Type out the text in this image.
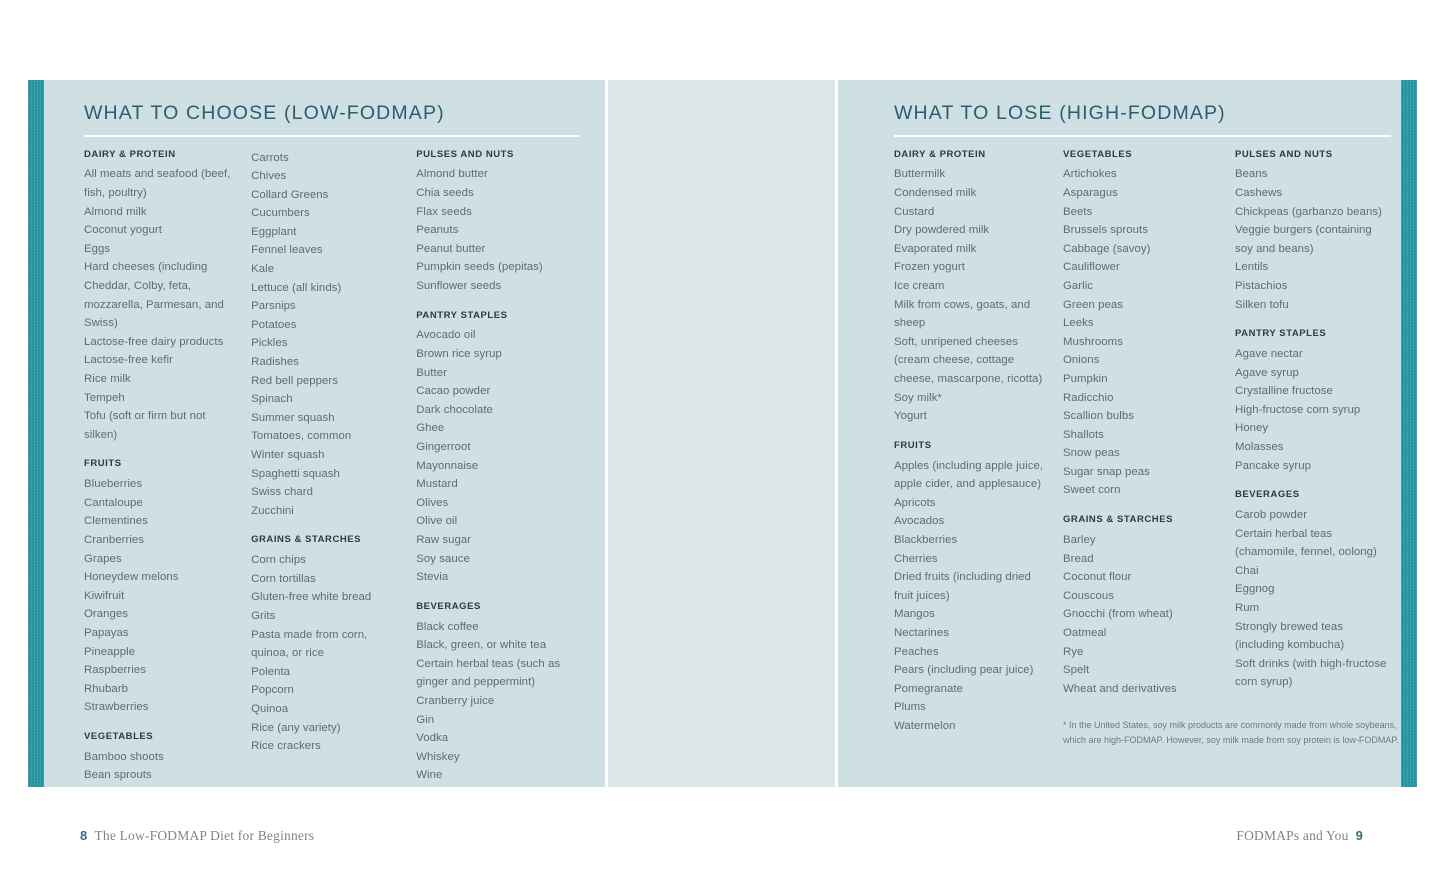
WHAT TO CHOOSE (LOW-FODMAP)
DAIRY & PROTEIN
All meats and seafood (beef, fish, poultry)
Almond milk
Coconut yogurt
Eggs
Hard cheeses (including Cheddar, Colby, feta, mozzarella, Parmesan, and Swiss)
Lactose-free dairy products
Lactose-free kefir
Rice milk
Tempeh
Tofu (soft or firm but not silken)
FRUITS
Blueberries
Cantaloupe
Clementines
Cranberries
Grapes
Honeydew melons
Kiwifruit
Oranges
Papayas
Pineapple
Raspberries
Rhubarb
Strawberries
VEGETABLES
Bamboo shoots
Bean sprouts
Carrots
Chives
Collard Greens
Cucumbers
Eggplant
Fennel leaves
Kale
Lettuce (all kinds)
Parsnips
Potatoes
Pickles
Radishes
Red bell peppers
Spinach
Summer squash
Tomatoes, common
Winter squash
Spaghetti squash
Swiss chard
Zucchini
GRAINS & STARCHES
Corn chips
Corn tortillas
Gluten-free white bread
Grits
Pasta made from corn, quinoa, or rice
Polenta
Popcorn
Quinoa
Rice (any variety)
Rice crackers
PULSES AND NUTS
Almond butter
Chia seeds
Flax seeds
Peanuts
Peanut butter
Pumpkin seeds (pepitas)
Sunflower seeds
PANTRY STAPLES
Avocado oil
Brown rice syrup
Butter
Cacao powder
Dark chocolate
Ghee
Gingerroot
Mayonnaise
Mustard
Olives
Olive oil
Raw sugar
Soy sauce
Stevia
BEVERAGES
Black coffee
Black, green, or white tea
Certain herbal teas (such as ginger and peppermint)
Cranberry juice
Gin
Vodka
Whiskey
Wine
WHAT TO LOSE (HIGH-FODMAP)
DAIRY & PROTEIN
Buttermilk
Condensed milk
Custard
Dry powdered milk
Evaporated milk
Frozen yogurt
Ice cream
Milk from cows, goats, and sheep
Soft, unripened cheeses (cream cheese, cottage cheese, mascarpone, ricotta)
Soy milk*
Yogurt
FRUITS
Apples (including apple juice, apple cider, and applesauce)
Apricots
Avocados
Blackberries
Cherries
Dried fruits (including dried fruit juices)
Mangos
Nectarines
Peaches
Pears (including pear juice)
Pomegranate
Plums
Watermelon
VEGETABLES
Artichokes
Asparagus
Beets
Brussels sprouts
Cabbage (savoy)
Cauliflower
Garlic
Green peas
Leeks
Mushrooms
Onions
Pumpkin
Radicchio
Scallion bulbs
Shallots
Snow peas
Sugar snap peas
Sweet corn
GRAINS & STARCHES
Barley
Bread
Coconut flour
Couscous
Gnocchi (from wheat)
Oatmeal
Rye
Spelt
Wheat and derivatives
* In the United States, soy milk products are commonly made from whole soybeans, which are high-FODMAP. However, soy milk made from soy protein is low-FODMAP.
PULSES AND NUTS
Beans
Cashews
Chickpeas (garbanzo beans)
Veggie burgers (containing soy and beans)
Lentils
Pistachios
Silken tofu
PANTRY STAPLES
Agave nectar
Agave syrup
Crystalline fructose
High-fructose corn syrup
Honey
Molasses
Pancake syrup
BEVERAGES
Carob powder
Certain herbal teas (chamomile, fennel, oolong)
Chai
Eggnog
Rum
Strongly brewed teas (including kombucha)
Soft drinks (with high-fructose corn syrup)
8 The Low-FODMAP Diet for Beginners	FODMAPs and You 9
